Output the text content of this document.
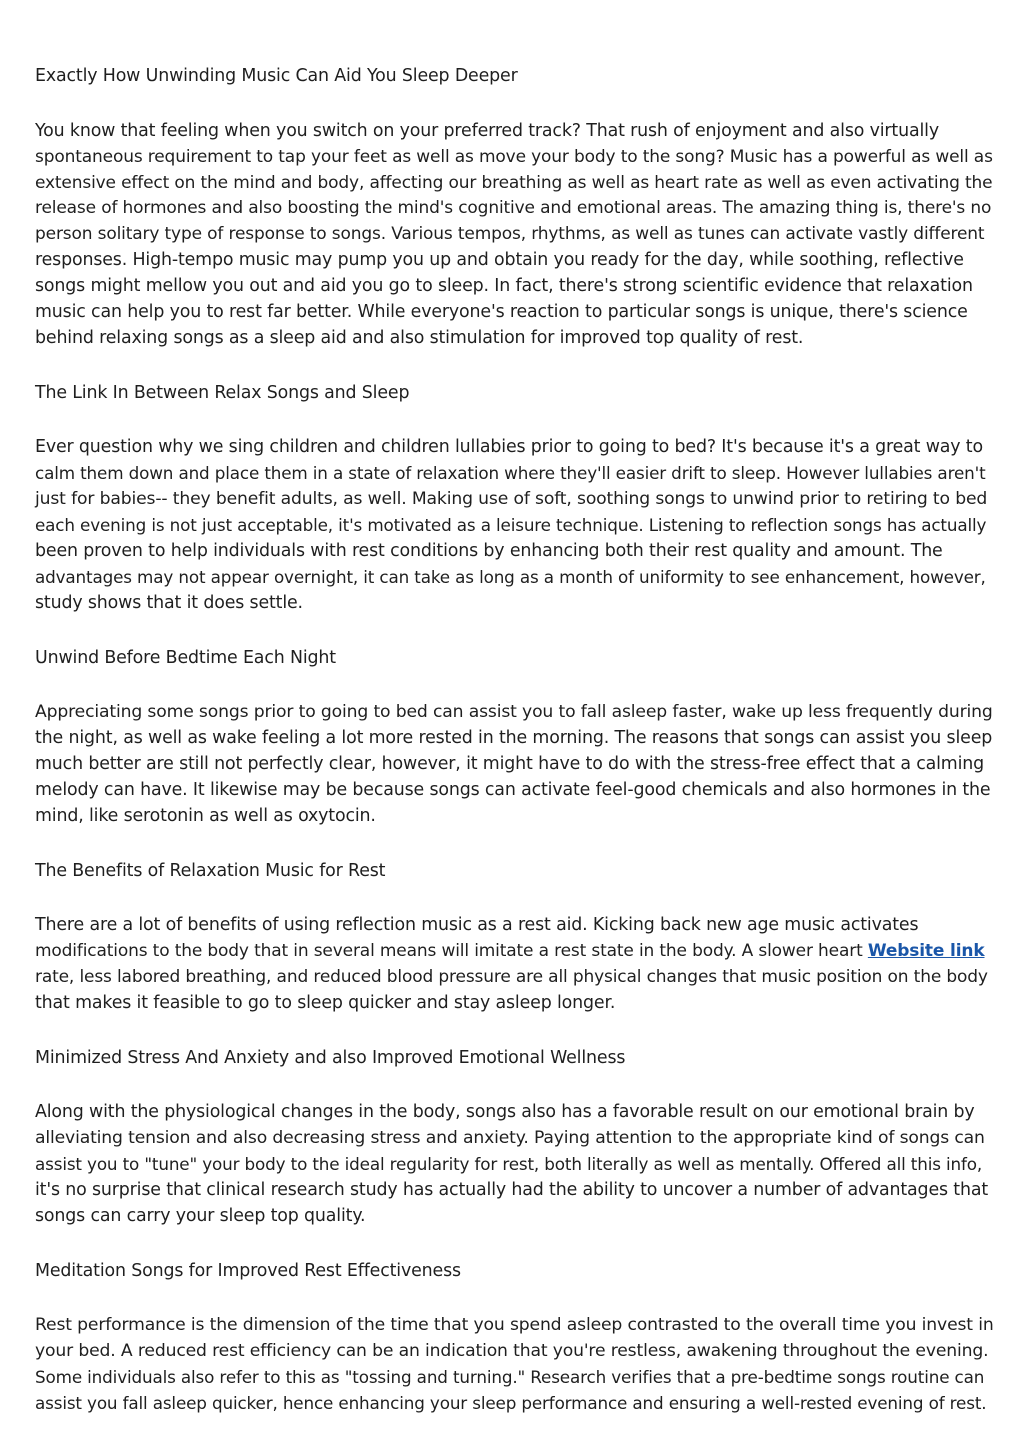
Exactly How Unwinding Music Can Aid You Sleep Deeper
You know that feeling when you switch on your preferred track? That rush of enjoyment and also virtually
spontaneous requirement to tap your feet as well as move your body to the song? Music has a powerful as well as
extensive effect on the mind and body, affecting our breathing as well as heart rate as well as even activating the
release of hormones and also boosting the mind's cognitive and emotional areas. The amazing thing is, there's no
person solitary type of response to songs. Various tempos, rhythms, as well as tunes can activate vastly different
responses. High-tempo music may pump you up and obtain you ready for the day, while soothing, reflective
songs might mellow you out and aid you go to sleep. In fact, there's strong scientific evidence that relaxation
music can help you to rest far better. While everyone's reaction to particular songs is unique, there's science
behind relaxing songs as a sleep aid and also stimulation for improved top quality of rest.
The Link In Between Relax Songs and Sleep
Ever question why we sing children and children lullabies prior to going to bed? It's because it's a great way to
calm them down and place them in a state of relaxation where they'll easier drift to sleep. However lullabies aren't
just for babies-- they benefit adults, as well. Making use of soft, soothing songs to unwind prior to retiring to bed
each evening is not just acceptable, it's motivated as a leisure technique. Listening to reflection songs has actually
been proven to help individuals with rest conditions by enhancing both their rest quality and amount. The
advantages may not appear overnight, it can take as long as a month of uniformity to see enhancement, however,
study shows that it does settle.
Unwind Before Bedtime Each Night
Appreciating some songs prior to going to bed can assist you to fall asleep faster, wake up less frequently during
the night, as well as wake feeling a lot more rested in the morning. The reasons that songs can assist you sleep
much better are still not perfectly clear, however, it might have to do with the stress-free effect that a calming
melody can have. It likewise may be because songs can activate feel-good chemicals and also hormones in the
mind, like serotonin as well as oxytocin.
The Benefits of Relaxation Music for Rest
There are a lot of benefits of using reflection music as a rest aid. Kicking back new age music activates
modifications to the body that in several means will imitate a rest state in the body. A slower heart Website link
rate, less labored breathing, and reduced blood pressure are all physical changes that music position on the body
that makes it feasible to go to sleep quicker and stay asleep longer.
Minimized Stress And Anxiety and also Improved Emotional Wellness
Along with the physiological changes in the body, songs also has a favorable result on our emotional brain by
alleviating tension and also decreasing stress and anxiety. Paying attention to the appropriate kind of songs can
assist you to "tune" your body to the ideal regularity for rest, both literally as well as mentally. Offered all this info,
it's no surprise that clinical research study has actually had the ability to uncover a number of advantages that
songs can carry your sleep top quality.
Meditation Songs for Improved Rest Effectiveness
Rest performance is the dimension of the time that you spend asleep contrasted to the overall time you invest in
your bed. A reduced rest efficiency can be an indication that you're restless, awakening throughout the evening.
Some individuals also refer to this as "tossing and turning." Research verifies that a pre-bedtime songs routine can
assist you fall asleep quicker, hence enhancing your sleep performance and ensuring a well-rested evening of rest.
